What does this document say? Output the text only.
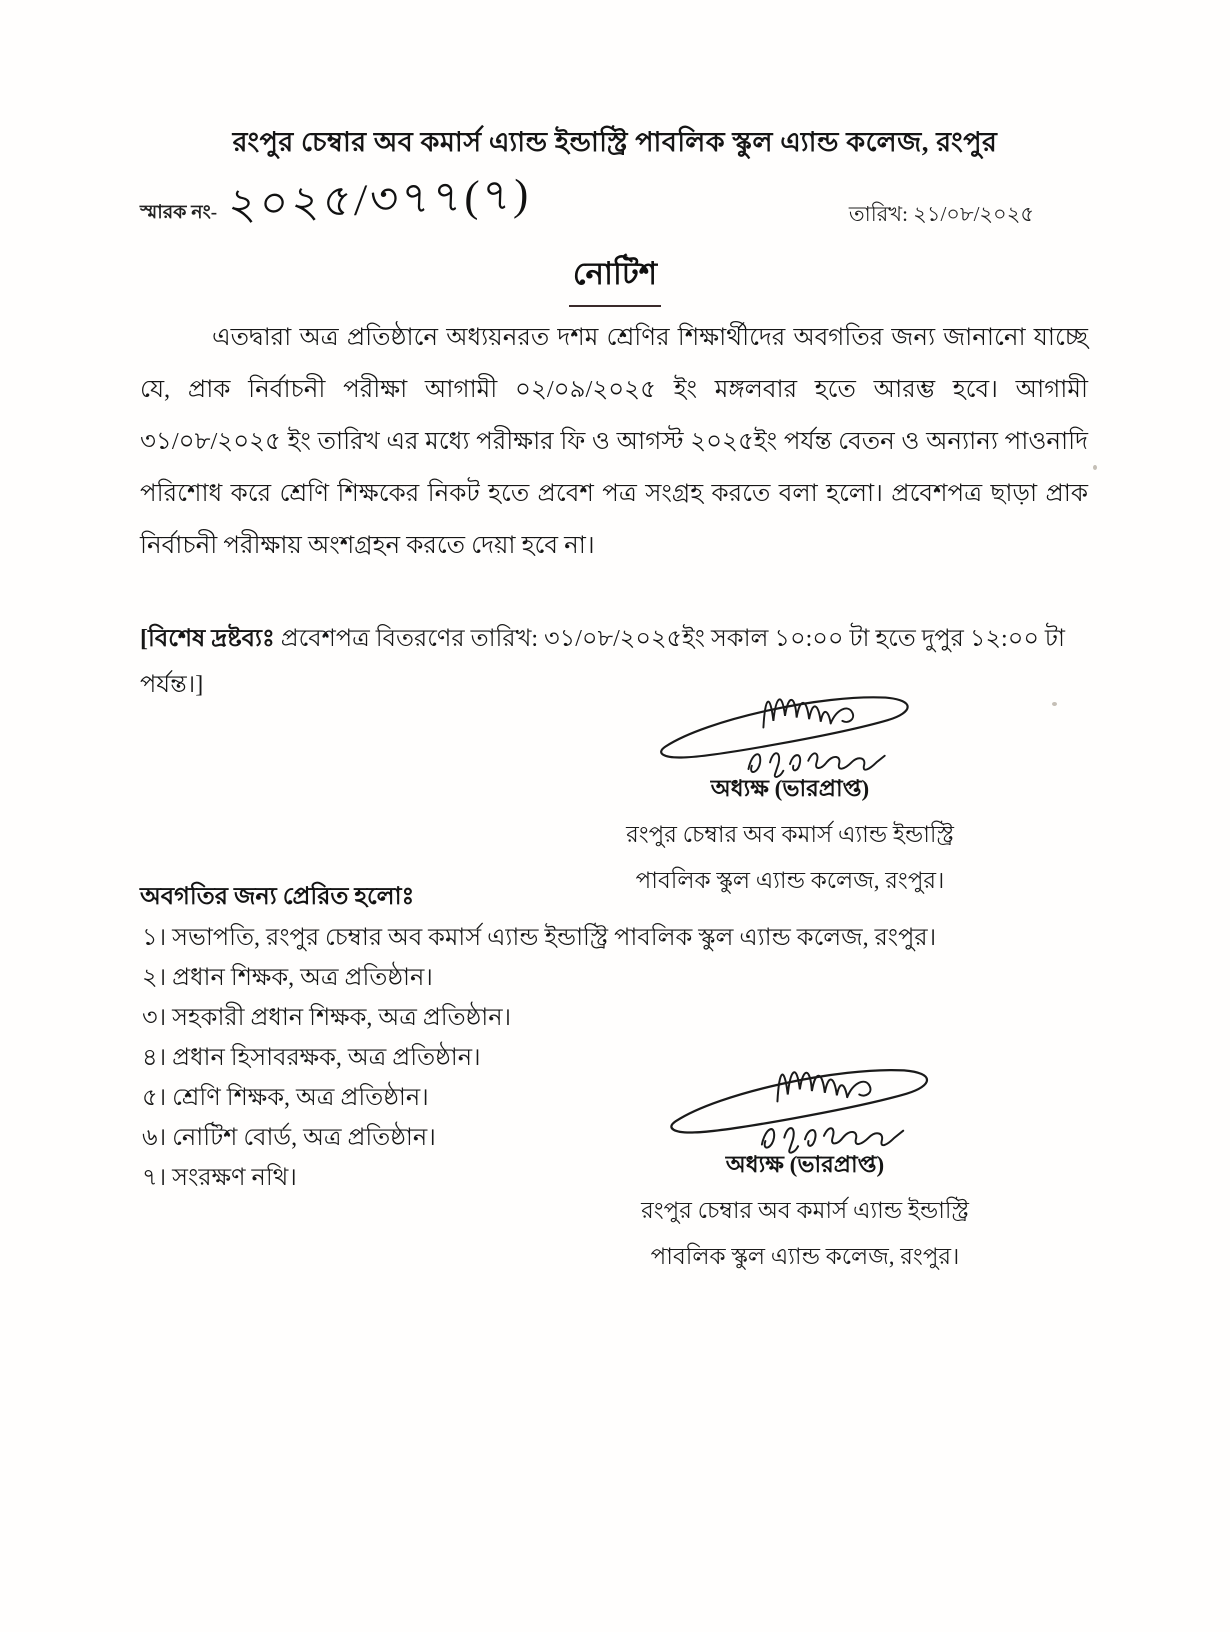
রংপুর চেম্বার অব কমার্স এ্যান্ড ইন্ডাস্ট্রি পাবলিক স্কুল এ্যান্ড কলেজ, রংপুর
স্মারক নং- ২০২৫/৩৭৭(৭)	তারিখ: ২১/০৮/২০২৫
নোটিশ
এতদ্বারা অত্র প্রতিষ্ঠানে অধ্যয়নরত দশম শ্রেণির শিক্ষার্থীদের অবগতির জন্য জানানো যাচ্ছে যে, প্রাক নির্বাচনী পরীক্ষা আগামী ০২/০৯/২০২৫ ইং মঙ্গলবার হতে আরম্ভ হবে। আগামী ৩১/০৮/২০২৫ ইং তারিখ এর মধ্যে পরীক্ষার ফি ও আগস্ট ২০২৫ইং পর্যন্ত বেতন ও অন্যান্য পাওনাদি পরিশোধ করে শ্রেণি শিক্ষকের নিকট হতে প্রবেশ পত্র সংগ্রহ করতে বলা হলো। প্রবেশপত্র ছাড়া প্রাক নির্বাচনী পরীক্ষায় অংশগ্রহন করতে দেয়া হবে না।
[বিশেষ দ্রষ্টব্যঃ প্রবেশপত্র বিতরণের তারিখ: ৩১/০৮/২০২৫ইং সকাল ১০:০০ টা হতে দুপুর ১২:০০ টা পর্যন্ত।]
অধ্যক্ষ (ভারপ্রাপ্ত)
রংপুর চেম্বার অব কমার্স এ্যান্ড ইন্ডাস্ট্রি
পাবলিক স্কুল এ্যান্ড কলেজ, রংপুর।
অবগতির জন্য প্রেরিত হলোঃ
১। সভাপতি, রংপুর চেম্বার অব কমার্স এ্যান্ড ইন্ডাস্ট্রি পাবলিক স্কুল এ্যান্ড কলেজ, রংপুর।
২। প্রধান শিক্ষক, অত্র প্রতিষ্ঠান।
৩। সহকারী প্রধান শিক্ষক, অত্র প্রতিষ্ঠান।
৪। প্রধান হিসাবরক্ষক, অত্র প্রতিষ্ঠান।
৫। শ্রেণি শিক্ষক, অত্র প্রতিষ্ঠান।
৬। নোটিশ বোর্ড, অত্র প্রতিষ্ঠান।
৭। সংরক্ষণ নথি।
অধ্যক্ষ (ভারপ্রাপ্ত)
রংপুর চেম্বার অব কমার্স এ্যান্ড ইন্ডাস্ট্রি
পাবলিক স্কুল এ্যান্ড কলেজ, রংপুর।
